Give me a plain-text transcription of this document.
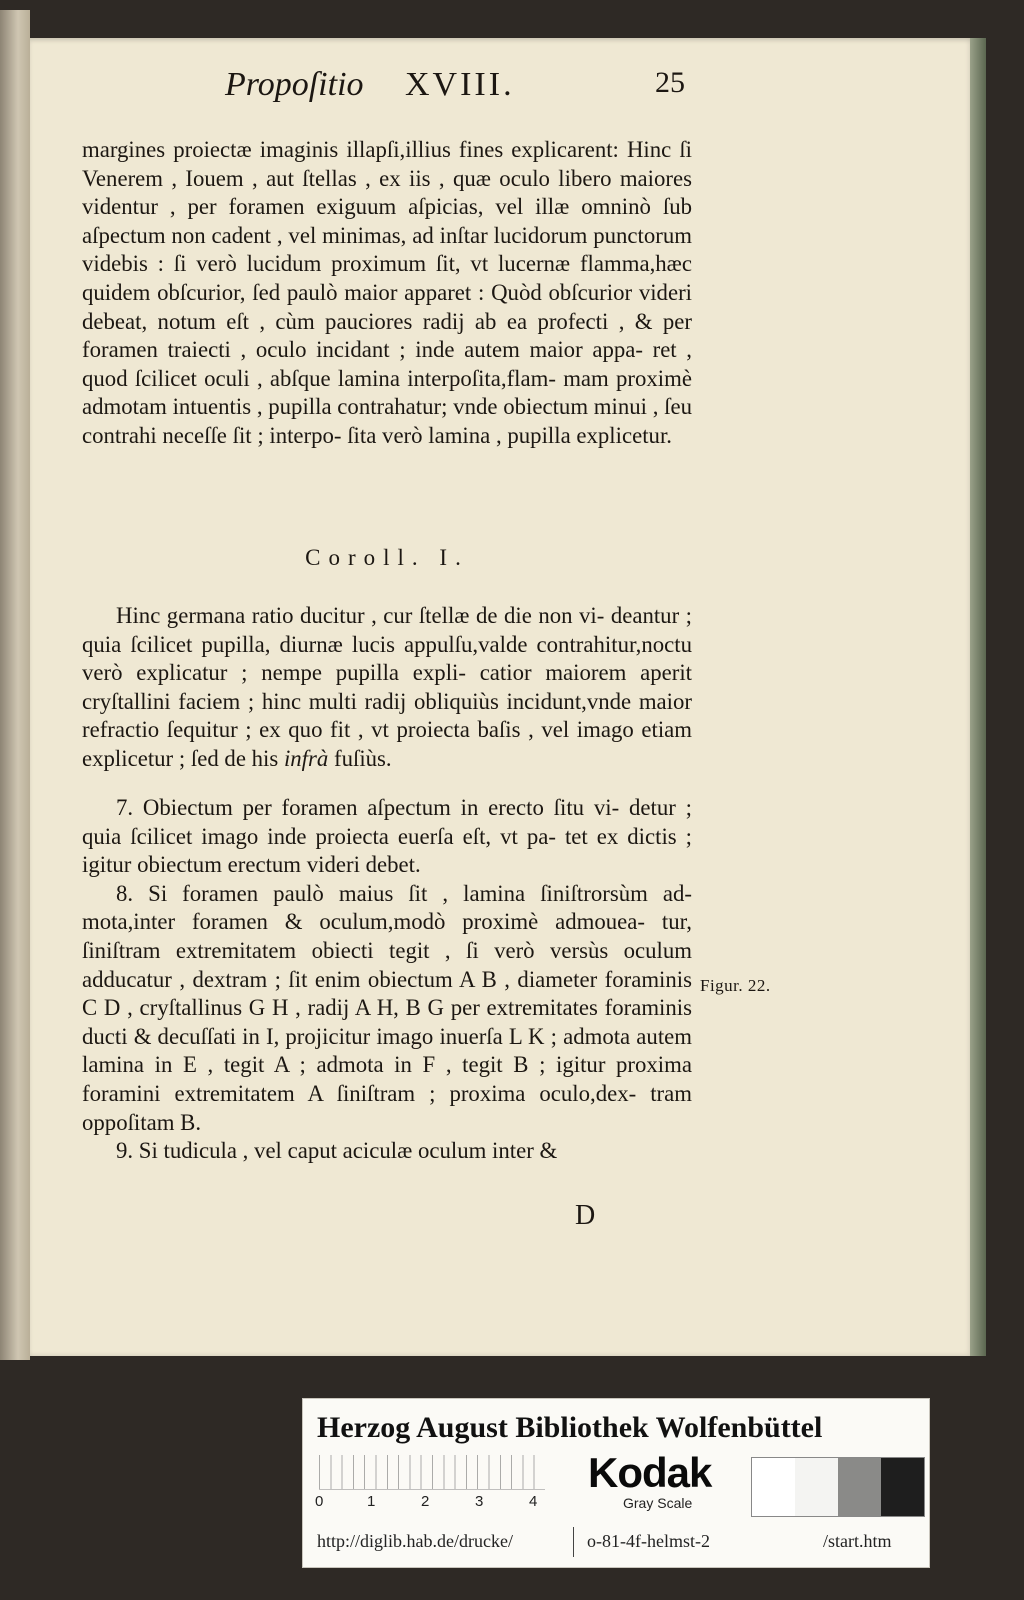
Propoſitio XVIII.	25

margines proiectæ imaginis illapſi,illius fines explicarent: Hinc ſi Venerem , Iouem , aut ſtellas , ex iis , quæ oculo libero maiores videntur , per foramen exiguum aſpicias, vel illæ omninò ſub aſpectum non cadent , vel minimas, ad inſtar lucidorum punctorum videbis : ſi verò lucidum proximum ſit, vt lucernæ flamma,hæc quidem obſcurior, ſed paulò maior apparet : Quòd obſcurior videri debeat, notum eſt , cùm pauciores radij ab ea profecti , & per foramen traiecti , oculo incidant ; inde autem maior appa- ret , quod ſcilicet oculi , abſque lamina interpoſita,flam- mam proximè admotam intuentis , pupilla contrahatur; vnde obiectum minui , ſeu contrahi neceſſe ſit ; interpo- ſita verò lamina , pupilla explicetur.

Coroll. I.

Hinc germana ratio ducitur , cur ſtellæ de die non vi- deantur ; quia ſcilicet pupilla, diurnæ lucis appulſu,valde contrahitur,noctu verò explicatur ; nempe pupilla expli- catior maiorem aperit cryſtallini faciem ; hinc multi radij obliquiùs incidunt,vnde maior refractio ſequitur ; ex quo fit , vt proiecta baſis , vel imago etiam explicetur ; ſed de his infrà fuſiùs.

7. Obiectum per foramen aſpectum in erecto ſitu vi- detur ; quia ſcilicet imago inde proiecta euerſa eſt, vt pa- tet ex dictis ; igitur obiectum erectum videri debet.

8. Si foramen paulò maius ſit , lamina ſiniſtrorsùm ad- mota,inter foramen & oculum,modò proximè admouea- tur, ſiniſtram extremitatem obiecti tegit , ſi verò versùs oculum adducatur , dextram ; ſit enim obiectum A B , diameter foraminis C D , cryſtallinus G H , radij A H, B G per extremitates foraminis ducti & decuſſati in I, projicitur imago inuerſa L K ; admota autem lamina in E , tegit A ; admota in F , tegit B ; igitur proxima foramini extremitatem A ſiniſtram ; proxima oculo,dex- tram oppoſitam B.

9. Si tudicula , vel caput aciculæ oculum inter &

Figur. 22.
D
Herzog August Bibliothek Wolfenbüttel
0	1	2	3	4
Kodak
Gray Scale
http://diglib.hab.de/drucke/	o-81-4f-helmst-2	/start.htm
